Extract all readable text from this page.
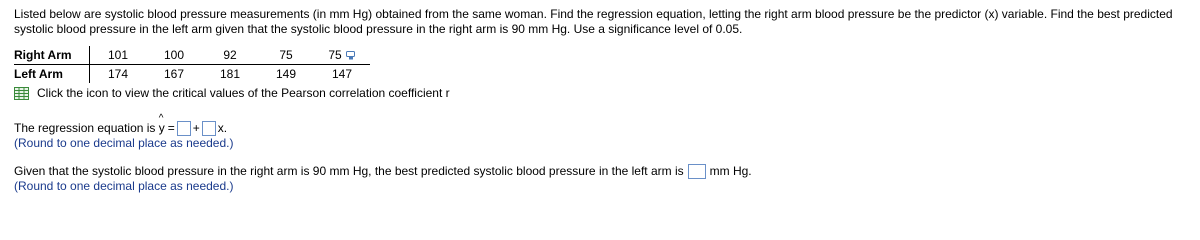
Listed below are systolic blood pressure measurements (in mm Hg) obtained from the same woman. Find the regression equation, letting the right arm blood pressure be the predictor (x) variable. Find the best predicted systolic blood pressure in the left arm given that the systolic blood pressure in the right arm is 90 mm Hg. Use a significance level of 0.05.

Right Arm	101	100	92	75	75
Left Arm	174	167	181	149	147
Click the icon to view the critical values of the Pearson correlation coefficient r
The regression equation is
^
y = + x.
(Round to one decimal place as needed.)
Given that the systolic blood pressure in the right arm is 90 mm Hg, the best predicted systolic blood pressure in the left arm is mm Hg.
(Round to one decimal place as needed.)
